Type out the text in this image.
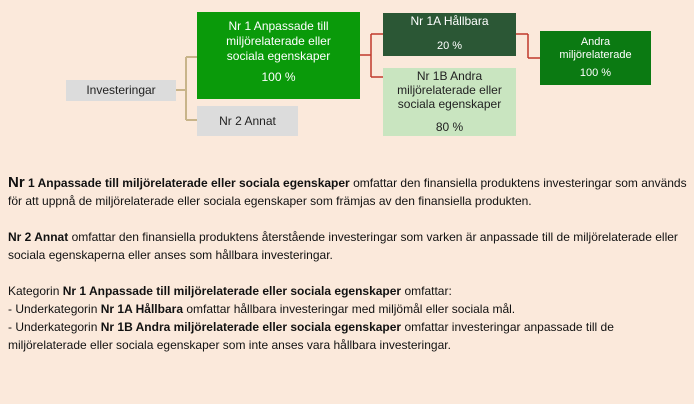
Investeringar
Nr 1 Anpassade till
miljörelaterade eller
sociala egenskaper
100 %
Nr 2 Annat
Nr 1A Hållbara
20 %
Nr 1B Andra
miljörelaterade eller
sociala egenskaper
80 %
Andra
miljörelaterade
100 %

Nr 1 Anpassade till miljörelaterade eller sociala egenskaper omfattar den finansiella produktens investeringar som används för att uppnå de miljörelaterade eller sociala egenskaper som främjas av den finansiella produkten.

Nr 2 Annat omfattar den finansiella produktens återstående investeringar som varken är anpassade till de miljörelaterade eller sociala egenskaperna eller anses som hållbara investeringar.

Kategorin Nr 1 Anpassade till miljörelaterade eller sociala egenskaper omfattar:
- Underkategorin Nr 1A Hållbara omfattar hållbara investeringar med miljömål eller sociala mål.
- Underkategorin Nr 1B Andra miljörelaterade eller sociala egenskaper omfattar investeringar anpassade till de miljörelaterade eller sociala egenskaper som inte anses vara hållbara investeringar.
